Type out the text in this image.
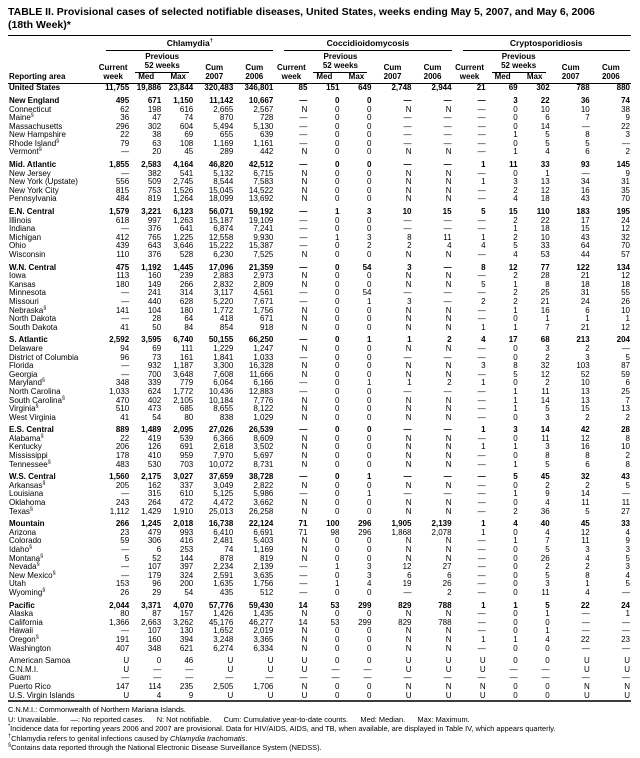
TABLE II. Provisional cases of selected notifiable diseases, United States, weeks ending May 5, 2007, and May 6, 2006
(18th Week)*
Reporting area	Chlamydia†					Coccidioidomycosis					Cryptosporidiosis				

		Previous					Previous					Previous			
	Current	52 weeks		Cum	Cum	Current	52 weeks		Cum	Cum	Current	52 weeks		Cum	Cum
	week	Med	Max	2007	2006	week	Med	Max	2007	2006	week	Med	Max	2007	2006
United States	11,755	19,886	23,844	320,483	346,801	85	151	649	2,748	2,944	21	69	302	788	880
New England	495	671	1,150	11,142	10,667	—	0	0	—	—	—	3	22	36	74
Connecticut	62	198	616	2,665	2,567	N	0	0	N	N	—	0	10	10	38
Maine§	36	47	74	870	728	—	0	0	—	—	—	0	6	7	9
Massachusetts	296	302	604	5,494	5,130	—	0	0	—	—	—	0	14	—	22
New Hampshire	22	38	69	655	639	—	0	0	—	—	—	1	5	8	3
Rhode Island§	79	63	108	1,169	1,161	—	0	0	—	—	—	0	5	5	—
Vermont§	—	20	45	289	442	N	0	0	N	N	—	1	4	6	2
Mid. Atlantic	1,855	2,583	4,164	46,820	42,512	—	0	0	—	—	1	11	33	93	145
New Jersey	—	382	541	5,132	6,715	N	0	0	N	N	—	0	1	—	9
New York (Upstate)	556	509	2,745	8,544	7,583	N	0	0	N	N	1	3	13	34	31
New York City	815	753	1,526	15,045	14,522	N	0	0	N	N	—	2	12	16	35
Pennsylvania	484	819	1,264	18,099	13,692	N	0	0	N	N	—	4	18	43	70
E.N. Central	1,579	3,221	6,123	56,071	59,192	—	1	3	10	15	5	15	110	183	195
Illinois	618	997	1,263	15,187	19,109	—	0	0	—	—	—	2	22	17	24
Indiana	—	376	641	6,874	7,241	—	0	0	—	—	—	1	18	15	12
Michigan	412	765	1,225	12,558	9,930	—	1	3	8	11	1	2	10	43	32
Ohio	439	643	3,646	15,222	15,387	—	0	2	2	4	4	5	33	64	70
Wisconsin	110	376	528	6,230	7,525	N	0	0	N	N	—	4	53	44	57
W.N. Central	475	1,192	1,445	17,096	21,359	—	0	54	3	—	8	12	77	122	134
Iowa	113	160	239	2,883	2,973	N	0	0	N	N	—	2	28	21	12
Kansas	180	149	266	2,832	2,809	N	0	0	N	N	5	1	8	18	18
Minnesota	—	241	314	3,117	4,561	—	0	54	—	—	—	2	25	31	55
Missouri	—	440	628	5,220	7,671	—	0	1	3	—	2	2	21	24	26
Nebraska§	141	104	180	1,772	1,756	N	0	0	N	N	—	1	16	6	10
North Dakota	—	28	64	418	671	N	0	0	N	N	—	0	1	1	1
South Dakota	41	50	84	854	918	N	0	0	N	N	1	1	7	21	12
S. Atlantic	2,592	3,595	6,740	50,155	66,250	—	0	1	1	2	4	17	68	213	204
Delaware	94	69	111	1,229	1,247	N	0	0	N	N	—	0	3	2	—
District of Columbia	96	73	161	1,841	1,033	—	0	0	—	—	—	0	2	3	5
Florida	—	932	1,187	3,300	16,328	N	0	0	N	N	3	8	32	103	87
Georgia	—	700	3,648	7,608	11,666	N	0	0	N	N	—	5	12	52	59
Maryland§	348	339	779	6,064	6,166	—	0	1	1	2	1	0	2	10	6
North Carolina	1,033	624	1,772	10,436	12,883	—	0	0	—	—	—	1	11	13	25
South Carolina§	470	402	2,105	10,184	7,776	N	0	0	N	N	—	1	14	13	7
Virginia§	510	473	685	8,655	8,122	N	0	0	N	N	—	1	5	15	13
West Virginia	41	54	80	838	1,029	N	0	0	N	N	—	0	3	2	2
E.S. Central	889	1,489	2,095	27,026	26,539	—	0	0	—	—	1	3	14	42	28
Alabama§	22	419	539	6,366	8,609	N	0	0	N	N	—	0	11	12	8
Kentucky	206	126	691	2,618	3,502	N	0	0	N	N	1	1	3	16	10
Mississippi	178	410	959	7,970	5,697	N	0	0	N	N	—	0	8	8	2
Tennessee§	483	530	703	10,072	8,731	N	0	0	N	N	—	1	5	6	8
W.S. Central	1,560	2,175	3,027	37,659	38,728	—	0	1	—	—	—	5	45	32	43
Arkansas§	205	162	337	3,049	2,822	N	0	0	N	N	—	0	2	2	5
Louisiana	—	315	610	5,125	5,986	—	0	1	—	—	—	1	9	14	—
Oklahoma	243	264	472	4,472	3,662	N	0	0	N	N	—	0	4	11	11
Texas§	1,112	1,429	1,910	25,013	26,258	N	0	0	N	N	—	2	36	5	27
Mountain	266	1,245	2,018	16,738	22,124	71	100	296	1,905	2,139	1	4	40	45	33
Arizona	23	479	993	6,410	6,691	71	98	296	1,868	2,078	1	0	4	12	4
Colorado	59	306	416	2,481	5,403	N	0	0	N	N	—	1	7	11	9
Idaho§	—	6	253	74	1,169	N	0	0	N	N	—	0	5	3	3
Montana§	5	52	144	878	819	N	0	0	N	N	—	0	26	4	5
Nevada§	—	107	397	2,234	2,139	—	1	3	12	27	—	0	2	2	3
New Mexico§	—	179	324	2,591	3,635	—	0	3	6	6	—	0	5	8	4
Utah	153	96	200	1,635	1,756	—	1	4	19	26	—	0	3	1	5
Wyoming§	26	29	54	435	512	—	0	0	—	2	—	0	11	4	—
Pacific	2,044	3,371	4,070	57,776	59,430	14	53	299	829	788	1	1	5	22	24
Alaska	80	87	157	1,426	1,435	N	0	0	N	N	—	0	1	—	1
California	1,366	2,663	3,262	45,176	46,277	14	53	299	829	788	—	0	0	—	—
Hawaii	—	107	130	1,652	2,019	N	0	0	N	N	—	0	1	—	—
Oregon§	191	160	394	3,248	3,365	N	0	0	N	N	1	1	4	22	23
Washington	407	348	621	6,274	6,334	N	0	0	N	N	—	0	0	—	—
American Samoa	U	0	46	U	U	U	0	0	U	U	U	0	0	U	U
C.N.M.I.	U	—	—	U	U	U	—	—	U	U	U	—	—	U	U
Guam	—	—	—	—	—	—	—	—	—	—	—	—	—	—	—
Puerto Rico	147	114	235	2,505	1,706	N	0	0	N	N	N	0	0	N	N
U.S. Virgin Islands	U	4	9	U	U	U	0	0	U	U	U	0	0	U	U
C.N.M.I.: Commonwealth of Northern Mariana Islands.
U: Unavailable.      —: No reported cases.      N: Not notifiable.      Cum: Cumulative year-to-date counts.      Med: Median.      Max: Maximum.
*Incidence data for reporting years 2006 and 2007 are provisional. Data for HIV/AIDS, AIDS, and TB, when available, are displayed in Table IV, which appears quarterly.
†Chlamydia refers to genital infections caused by Chlamydia trachomatis.
§Contains data reported through the National Electronic Disease Surveillance System (NEDSS).
